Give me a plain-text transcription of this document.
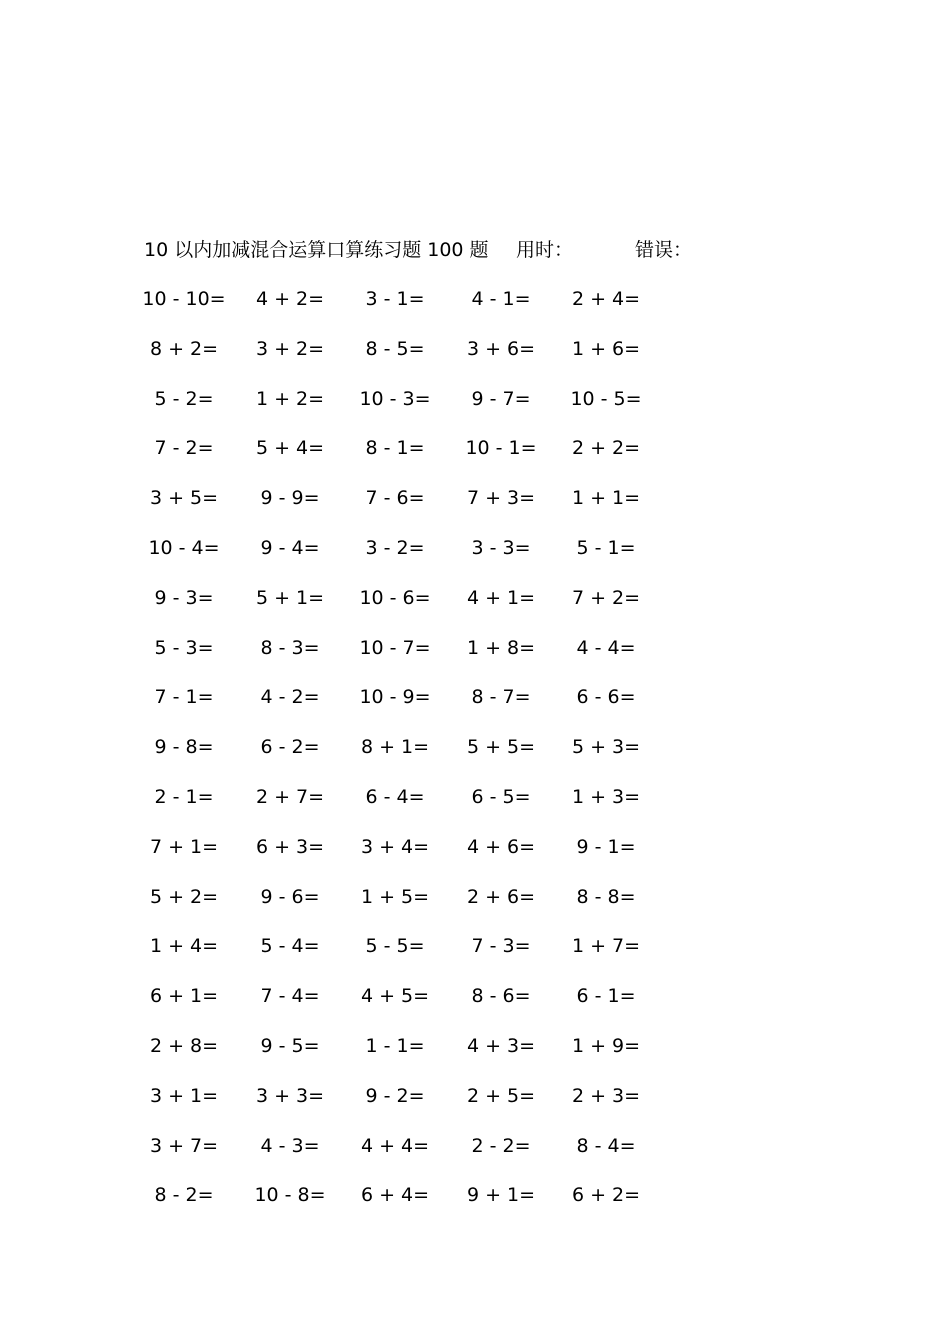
10 以内加减混合运算口算练习题 100 题 用时：	错误：
10 - 10=	4 + 2=	3 - 1=	4 - 1=	2 + 4=
8 + 2=	3 + 2=	8 - 5=	3 + 6=	1 + 6=
5 - 2=	1 + 2=	10 - 3=	9 - 7=	10 - 5=
7 - 2=	5 + 4=	8 - 1=	10 - 1=	2 + 2=
3 + 5=	9 - 9=	7 - 6=	7 + 3=	1 + 1=
10 - 4=	9 - 4=	3 - 2=	3 - 3=	5 - 1=
9 - 3=	5 + 1=	10 - 6=	4 + 1=	7 + 2=
5 - 3=	8 - 3=	10 - 7=	1 + 8=	4 - 4=
7 - 1=	4 - 2=	10 - 9=	8 - 7=	6 - 6=
9 - 8=	6 - 2=	8 + 1=	5 + 5=	5 + 3=
2 - 1=	2 + 7=	6 - 4=	6 - 5=	1 + 3=
7 + 1=	6 + 3=	3 + 4=	4 + 6=	9 - 1=
5 + 2=	9 - 6=	1 + 5=	2 + 6=	8 - 8=
1 + 4=	5 - 4=	5 - 5=	7 - 3=	1 + 7=
6 + 1=	7 - 4=	4 + 5=	8 - 6=	6 - 1=
2 + 8=	9 - 5=	1 - 1=	4 + 3=	1 + 9=
3 + 1=	3 + 3=	9 - 2=	2 + 5=	2 + 3=
3 + 7=	4 - 3=	4 + 4=	2 - 2=	8 - 4=
8 - 2=	10 - 8=	6 + 4=	9 + 1=	6 + 2=
